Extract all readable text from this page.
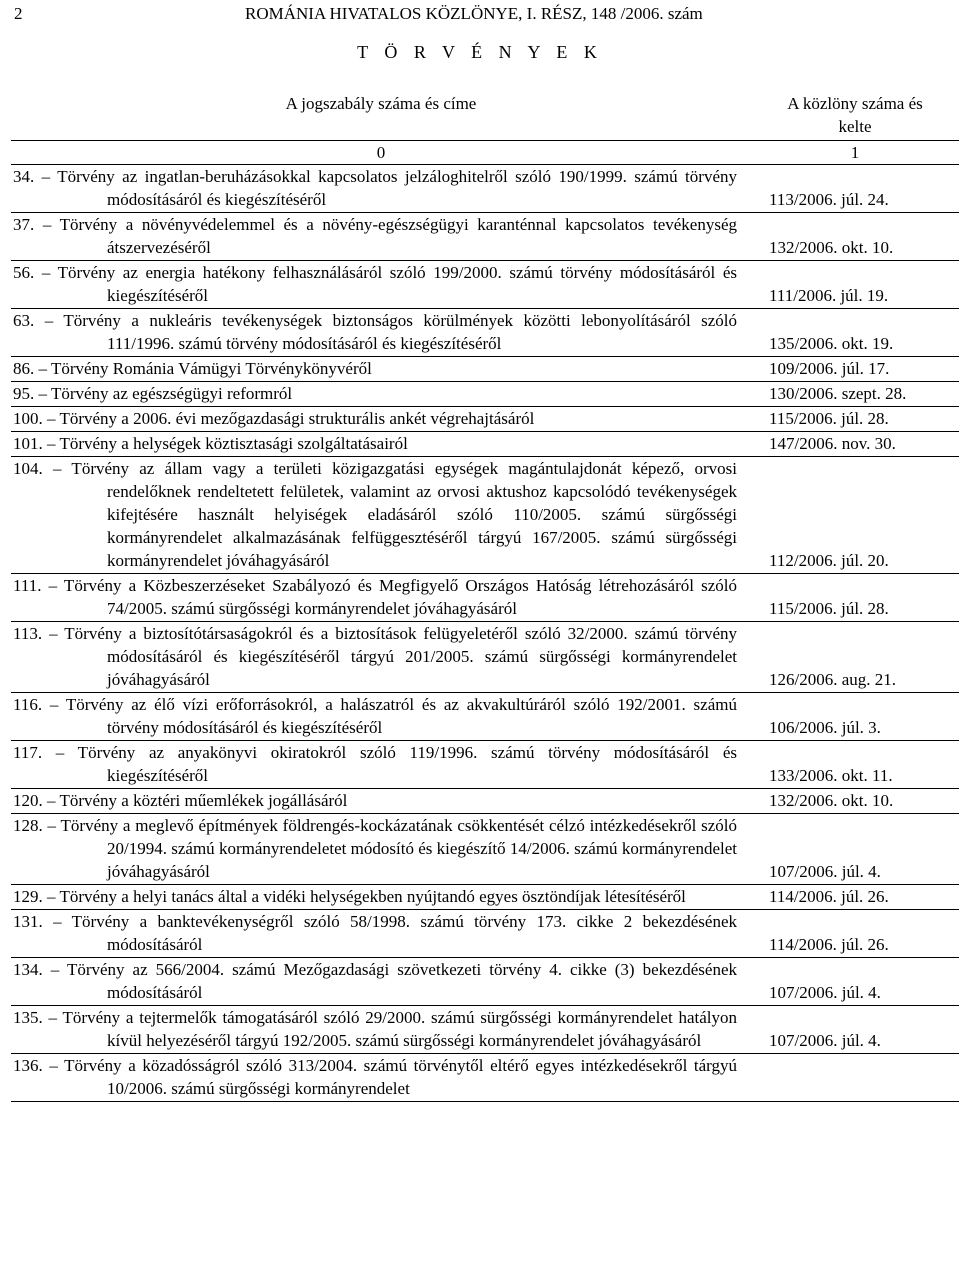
2	ROMÁNIA HIVATALOS KÖZLÖNYE, I. RÉSZ, 148 /2006. szám
T Ö R V É N Y E K
A jogszabály száma és címe	A közlöny száma és kelte
0	1

34. – Törvény az ingatlan-beruházásokkal kapcsolatos jelzáloghitelről szóló 190/1999. számú törvény módosításáról és kiegészítéséről	113/2006. júl. 24.

37. – Törvény a növényvédelemmel és a növény-egészségügyi karanténnal kapcsolatos tevékenység átszervezéséről	132/2006. okt. 10.

56. – Törvény az energia hatékony felhasználásáról szóló 199/2000. számú törvény módosításáról és kiegészítéséről	111/2006. júl. 19.

63. – Törvény a nukleáris tevékenységek biztonságos körülmények közötti lebonyolításáról szóló 111/1996. számú törvény módosításáról és kiegészítéséről	135/2006. okt. 19.

86. – Törvény Románia Vámügyi Törvénykönyvéről	109/2006. júl. 17.

95. – Törvény az egészségügyi reformról	130/2006. szept. 28.

100. – Törvény a 2006. évi mezőgazdasági strukturális ankét végrehajtásáról	115/2006. júl. 28.

101. – Törvény a helységek köztisztasági szolgáltatásairól	147/2006. nov. 30.

104. – Törvény az állam vagy a területi közigazgatási egységek magántulajdonát képező, orvosi rendelőknek rendeltetett felületek, valamint az orvosi aktushoz kapcsolódó tevékenységek kifejtésére használt helyiségek eladásáról szóló 110/2005. számú sürgősségi kormányrendelet alkalmazásának felfüggesztéséről tárgyú 167/2005. számú sürgősségi kormányrendelet jóváhagyásáról	112/2006. júl. 20.

111. – Törvény a Közbeszerzéseket Szabályozó és Megfigyelő Országos Hatóság létrehozásáról szóló 74/2005. számú sürgősségi kormányrendelet jóváhagyásáról	115/2006. júl. 28.

113. – Törvény a biztosítótársaságokról és a biztosítások felügyeletéről szóló 32/2000. számú törvény módosításáról és kiegészítéséről tárgyú 201/2005. számú sürgősségi kormányrendelet jóváhagyásáról	126/2006. aug. 21.

116. – Törvény az élő vízi erőforrásokról, a halászatról és az akvakultúráról szóló 192/2001. számú törvény módosításáról és kiegészítéséről	106/2006. júl. 3.

117. – Törvény az anyakönyvi okiratokról szóló 119/1996. számú törvény módosításáról és kiegészítéséről	133/2006. okt. 11.

120. – Törvény a köztéri műemlékek jogállásáról	132/2006. okt. 10.

128. – Törvény a meglevő építmények földrengés-kockázatának csökkentését célzó intézkedésekről szóló 20/1994. számú kormányrendeletet módosító és kiegészítő 14/2006. számú kormányrendelet jóváhagyásáról	107/2006. júl. 4.

129. – Törvény a helyi tanács által a vidéki helységekben nyújtandó egyes ösztöndíjak létesítéséről	114/2006. júl. 26.

131. – Törvény a banktevékenységről szóló 58/1998. számú törvény 173. cikke 2 bekezdésének módosításáról	114/2006. júl. 26.

134. – Törvény az 566/2004. számú Mezőgazdasági szövetkezeti törvény 4. cikke (3) bekezdésének módosításáról	107/2006. júl. 4.

135. – Törvény a tejtermelők támogatásáról szóló 29/2000. számú sürgősségi kormányrendelet hatályon kívül helyezéséről tárgyú 192/2005. számú sürgősségi kormányrendelet jóváhagyásáról	107/2006. júl. 4.

136. – Törvény a közadósságról szóló 313/2004. számú törvénytől eltérő egyes intézkedésekről tárgyú 10/2006. számú sürgősségi kormányrendelet	
